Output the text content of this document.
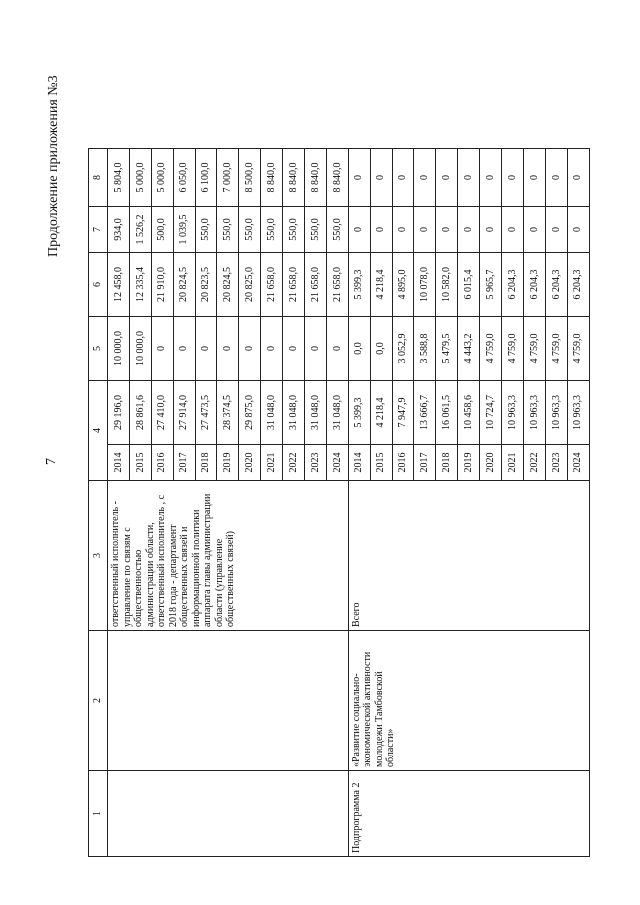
7
Продолжение приложения №3
1	2	3	4		5	6	7	8
		ответственный исполнитель - управление по связям с общественностью администрации области, ответственный исполнитель , с 2018 года - департамент общественных связей и информационной политики аппарата главы администрации области (управление общественных связей)	2014	29 196,0	10 000,0	12 458,0	934,0	5 804,0
			2015	28 861,6	10 000,0	12 335,4	1 526,2	5 000,0
			2016	27 410,0	0	21 910,0	500,0	5 000,0
			2017	27 914,0	0	20 824,5	1 039,5	6 050,0
			2018	27 473,5	0	20 823,5	550,0	6 100,0
			2019	28 374,5	0	20 824,5	550,0	7 000,0
			2020	29 875,0	0	20 825,0	550,0	8 500,0
			2021	31 048,0	0	21 658,0	550,0	8 840,0
			2022	31 048,0	0	21 658,0	550,0	8 840,0
			2023	31 048,0	0	21 658,0	550,0	8 840,0
			2024	31 048,0	0	21 658,0	550,0	8 840,0
Подпрограмма 2	«Развитие социально-экономической активности молодежи Тамбовской области»	Всего	2014	5 399,3	0,0	5 399,3	0	0
			2015	4 218,4	0,0	4 218,4	0	0
			2016	7 947,9	3 052,9	4 895,0	0	0
			2017	13 666,7	3 588,8	10 078,0	0	0
			2018	16 061,5	5 479,5	10 582,0	0	0
			2019	10 458,6	4 443,2	6 015,4	0	0
			2020	10 724,7	4 759,0	5 965,7	0	0
			2021	10 963,3	4 759,0	6 204,3	0	0
			2022	10 963,3	4 759,0	6 204,3	0	0
			2023	10 963,3	4 759,0	6 204,3	0	0
			2024	10 963,3	4 759,0	6 204,3	0	0
